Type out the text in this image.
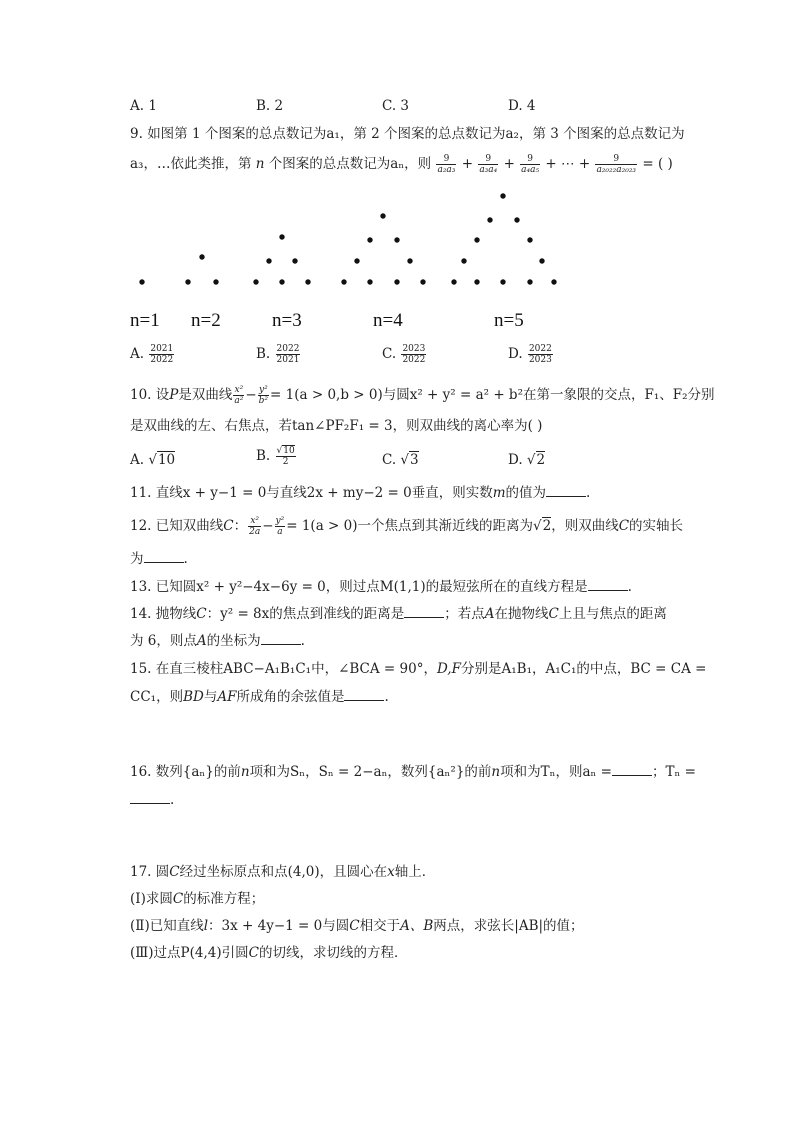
A. 1	B. 2	C. 3	D. 4
9. 如图第 1 个图案的总点数记为a₁，第 2 个图案的总点数记为a₂，第 3 个图案的总点数记为
a₃，…依此类推，第 n 个图案的总点数记为aₙ，则 $\frac{9}{\text{a₂a₃}} + \frac{9}{\text{a₃a₄}} + \frac{9}{\text{a₄a₅}}$ + ⋯ + $\frac{9}{\text{a₂₀₂₂a₂₀₂₃}}$ = ( )
n=1 n=2	n=3	n=4	n=5
A. $\frac{2021}{2022}$	B. $\frac{2022}{2021}$	C. $\frac{2023}{2022}$	D. $\frac{2022}{2023}$
10. 设P是双曲线 $\frac{\text{x²}}{\text{a²}} - \frac{\text{y²}}{\text{b²}} = 1(a > 0,b > 0)$与圆x² + y² = a² + b²在第一象限的交点，F₁、F₂分别
是双曲线的左、右焦点，若tan∠PF₂F₁ = 3，则双曲线的离心率为( )
A. √10	B. $\frac{√10}{2}$	C. √3	D. √2
11. 直线x + y−1 = 0与直线2x + my−2 = 0垂直，则实数m的值为	.
12. 已知双曲线C： $\frac{\text{x²}}{2a} - \frac{\text{y²}}{a} = 1(a > 0)$一个焦点到其渐近线的距离为√2，则双曲线C的实轴长
为	.
13. 已知圆x² + y²−4x−6y = 0，则过点M(1,1)的最短弦所在的直线方程是	.
14. 抛物线C：y² = 8x的焦点到准线的距离是	；若点A在抛物线C上且与焦点的距离
为 6，则点A的坐标为	.
15. 在直三棱柱ABC−A₁B₁C₁中，∠BCA = 90°，D,F分别是A₁B₁，A₁C₁的中点，BC = CA =
CC₁，则BD与AF所成角的余弦值是	.
16. 数列{aₙ}的前n项和为Sₙ，Sₙ = 2−aₙ，数列{aₙ²}的前n项和为Tₙ，则aₙ =	；Tₙ =
.
17. 圆C经过坐标原点和点(4,0)，且圆心在x轴上．
(Ⅰ)求圆C的标准方程；
(Ⅱ)已知直线l：3x + 4y−1 = 0与圆C相交于A、B两点，求弦长|AB|的值；
(Ⅲ)过点P(4,4)引圆C的切线，求切线的方程．
